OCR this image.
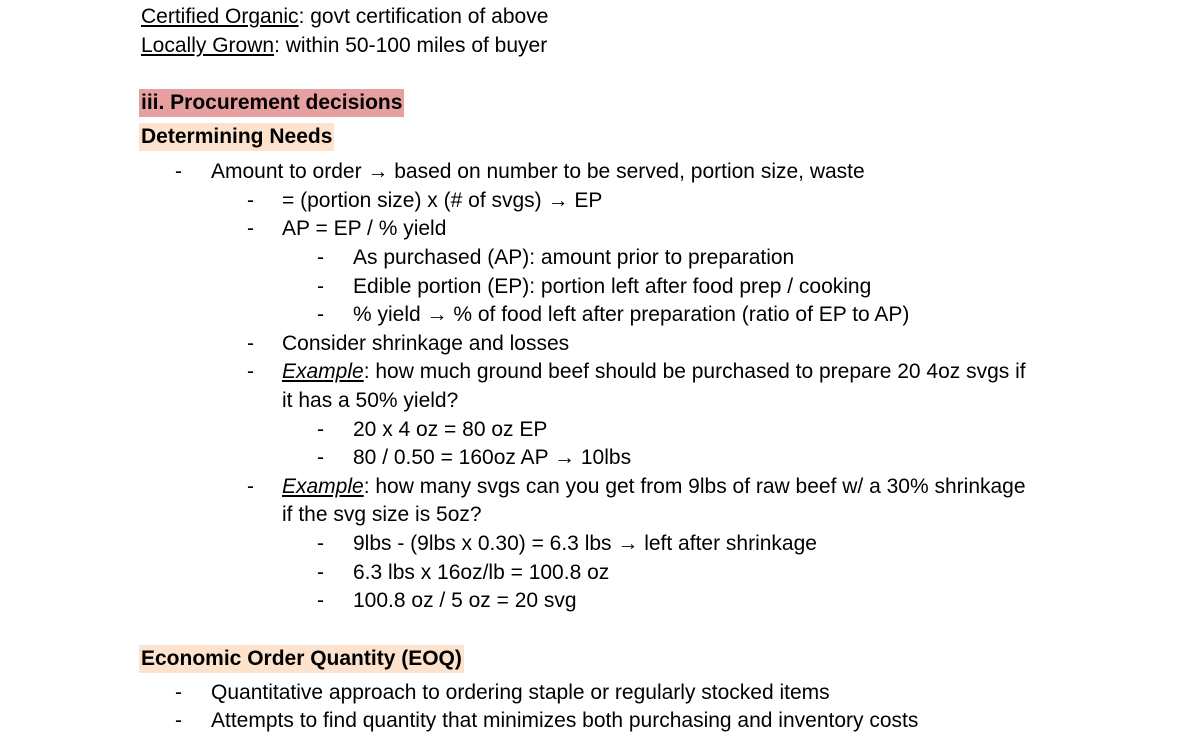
Certified Organic: govt certification of above
Locally Grown: within 50-100 miles of buyer
iii. Procurement decisions
Determining Needs
- Amount to order → based on number to be served, portion size, waste
- = (portion size) x (# of svgs) → EP
- AP = EP / % yield
- As purchased (AP): amount prior to preparation
- Edible portion (EP): portion left after food prep / cooking
- % yield → % of food left after preparation (ratio of EP to AP)
- Consider shrinkage and losses
- Example: how much ground beef should be purchased to prepare 20 4oz svgs if
it has a 50% yield?
- 20 x 4 oz = 80 oz EP
- 80 / 0.50 = 160oz AP → 10lbs
- Example: how many svgs can you get from 9lbs of raw beef w/ a 30% shrinkage
if the svg size is 5oz?
- 9lbs - (9lbs x 0.30) = 6.3 lbs → left after shrinkage
- 6.3 lbs x 16oz/lb = 100.8 oz
- 100.8 oz / 5 oz = 20 svg
Economic Order Quantity (EOQ)
- Quantitative approach to ordering staple or regularly stocked items
- Attempts to find quantity that minimizes both purchasing and inventory costs
